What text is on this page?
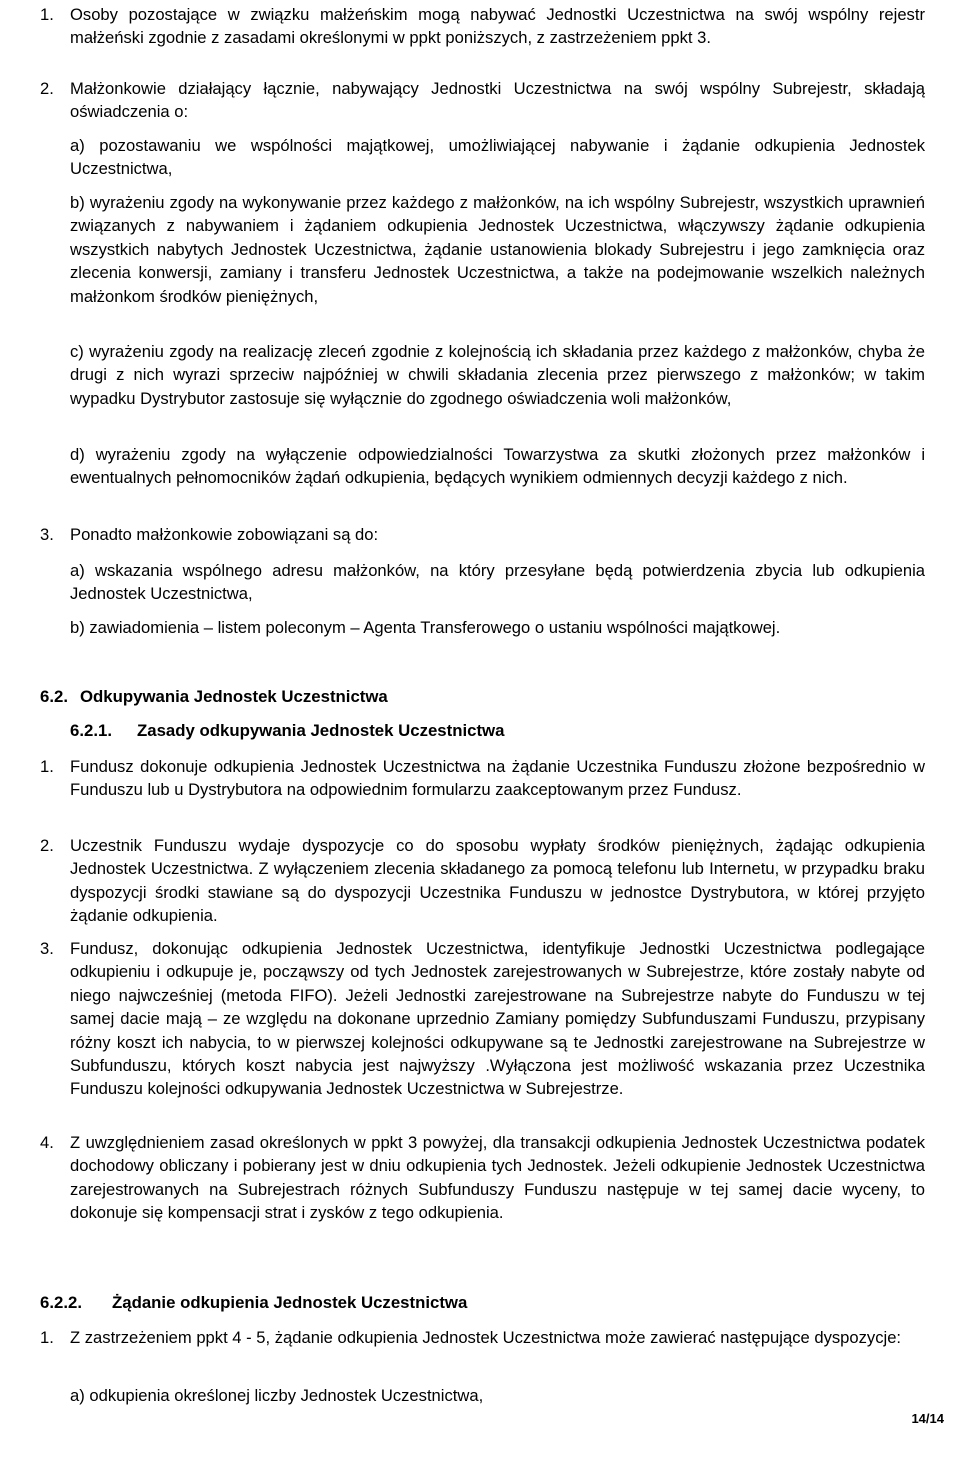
1. Osoby pozostające w związku małżeńskim mogą nabywać Jednostki Uczestnictwa na swój wspólny rejestr małżeński zgodnie z zasadami określonymi w ppkt poniższych, z zastrzeżeniem ppkt 3.

2. Małżonkowie działający łącznie, nabywający Jednostki Uczestnictwa na swój wspólny Subrejestr, składają oświadczenia o:

a) pozostawaniu we wspólności majątkowej, umożliwiającej nabywanie i żądanie odkupienia Jednostek Uczestnictwa,

b) wyrażeniu zgody na wykonywanie przez każdego z małżonków, na ich wspólny Subrejestr, wszystkich uprawnień związanych z nabywaniem i żądaniem odkupienia Jednostek Uczestnictwa, włączywszy żądanie odkupienia wszystkich nabytych Jednostek Uczestnictwa, żądanie ustanowienia blokady Subrejestru i jego zamknięcia oraz zlecenia konwersji, zamiany i transferu Jednostek Uczestnictwa, a także na podejmowanie wszelkich należnych małżonkom środków pieniężnych,

c) wyrażeniu zgody na realizację zleceń zgodnie z kolejnością ich składania przez każdego z małżonków, chyba że drugi z nich wyrazi sprzeciw najpóźniej w chwili składania zlecenia przez pierwszego z małżonków; w takim wypadku Dystrybutor zastosuje się wyłącznie do zgodnego oświadczenia woli małżonków,

d) wyrażeniu zgody na wyłączenie odpowiedzialności Towarzystwa za skutki złożonych przez małżonków i ewentualnych pełnomocników żądań odkupienia, będących wynikiem odmiennych decyzji każdego z nich.

3. Ponadto małżonkowie zobowiązani są do:

a) wskazania wspólnego adresu małżonków, na który przesyłane będą potwierdzenia zbycia lub odkupienia Jednostek Uczestnictwa,

b) zawiadomienia – listem poleconym – Agenta Transferowego o ustaniu wspólności majątkowej.

6.2. Odkupywania Jednostek Uczestnictwa
6.2.1. Zasady odkupywania Jednostek Uczestnictwa
1. Fundusz dokonuje odkupienia Jednostek Uczestnictwa na żądanie Uczestnika Funduszu złożone bezpośrednio w Funduszu lub u Dystrybutora na odpowiednim formularzu zaakceptowanym przez Fundusz.

2. Uczestnik Funduszu wydaje dyspozycje co do sposobu wypłaty środków pieniężnych, żądając odkupienia Jednostek Uczestnictwa. Z wyłączeniem zlecenia składanego za pomocą telefonu lub Internetu, w przypadku braku dyspozycji środki stawiane są do dyspozycji Uczestnika Funduszu w jednostce Dystrybutora, w której przyjęto żądanie odkupienia.

3. Fundusz, dokonując odkupienia Jednostek Uczestnictwa, identyfikuje Jednostki Uczestnictwa podlegające odkupieniu i odkupuje je, począwszy od tych Jednostek zarejestrowanych w Subrejestrze, które zostały nabyte od niego najwcześniej (metoda FIFO). Jeżeli Jednostki zarejestrowane na Subrejestrze nabyte do Funduszu w tej samej dacie mają – ze względu na dokonane uprzednio Zamiany pomiędzy Subfunduszami Funduszu, przypisany różny koszt ich nabycia, to w pierwszej kolejności odkupywane są te Jednostki zarejestrowane na Subrejestrze w Subfunduszu, których koszt nabycia jest najwyższy .Wyłączona jest możliwość wskazania przez Uczestnika Funduszu kolejności odkupywania Jednostek Uczestnictwa w Subrejestrze.

4. Z uwzględnieniem zasad określonych w ppkt 3 powyżej, dla transakcji odkupienia Jednostek Uczestnictwa podatek dochodowy obliczany i pobierany jest w dniu odkupienia tych Jednostek. Jeżeli odkupienie Jednostek Uczestnictwa zarejestrowanych na Subrejestrach różnych Subfunduszy Funduszu następuje w tej samej dacie wyceny, to dokonuje się kompensacji strat i zysków z tego odkupienia.

6.2.2. Żądanie odkupienia Jednostek Uczestnictwa
1. Z zastrzeżeniem ppkt 4 - 5, żądanie odkupienia Jednostek Uczestnictwa może zawierać następujące dyspozycje:

a) odkupienia określonej liczby Jednostek Uczestnictwa,

14/14
